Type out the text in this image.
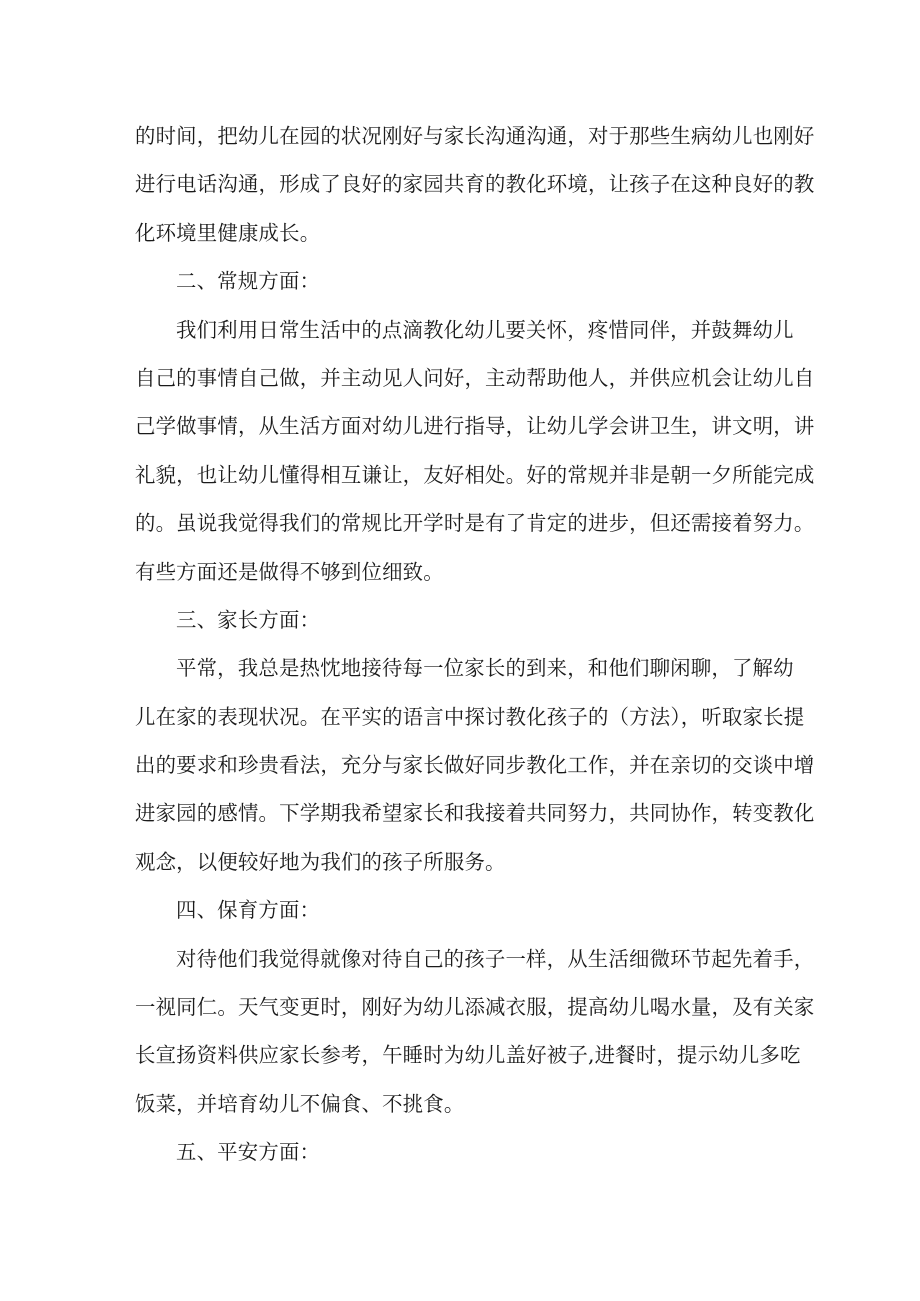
的时间，把幼儿在园的状况刚好与家长沟通沟通，对于那些生病幼儿也刚好
进行电话沟通，形成了良好的家园共育的教化环境，让孩子在这种良好的教
化环境里健康成长。
二、常规方面：
我们利用日常生活中的点滴教化幼儿要关怀，疼惜同伴，并鼓舞幼儿
自己的事情自己做，并主动见人问好，主动帮助他人，并供应机会让幼儿自
己学做事情，从生活方面对幼儿进行指导，让幼儿学会讲卫生，讲文明，讲
礼貌，也让幼儿懂得相互谦让，友好相处。好的常规并非是朝一夕所能完成
的。虽说我觉得我们的常规比开学时是有了肯定的进步，但还需接着努力。
有些方面还是做得不够到位细致。
三、家长方面：
平常，我总是热忱地接待每一位家长的到来，和他们聊闲聊，了解幼
儿在家的表现状况。在平实的语言中探讨教化孩子的（方法），听取家长提
出的要求和珍贵看法，充分与家长做好同步教化工作，并在亲切的交谈中增
进家园的感情。下学期我希望家长和我接着共同努力，共同协作，转变教化
观念，以便较好地为我们的孩子所服务。
四、保育方面：
对待他们我觉得就像对待自己的孩子一样，从生活细微环节起先着手，
一视同仁。天气变更时，刚好为幼儿添减衣服，提高幼儿喝水量，及有关家
长宣扬资料供应家长参考，午睡时为幼儿盖好被子,进餐时，提示幼儿多吃
饭菜，并培育幼儿不偏食、不挑食。
五、平安方面：
